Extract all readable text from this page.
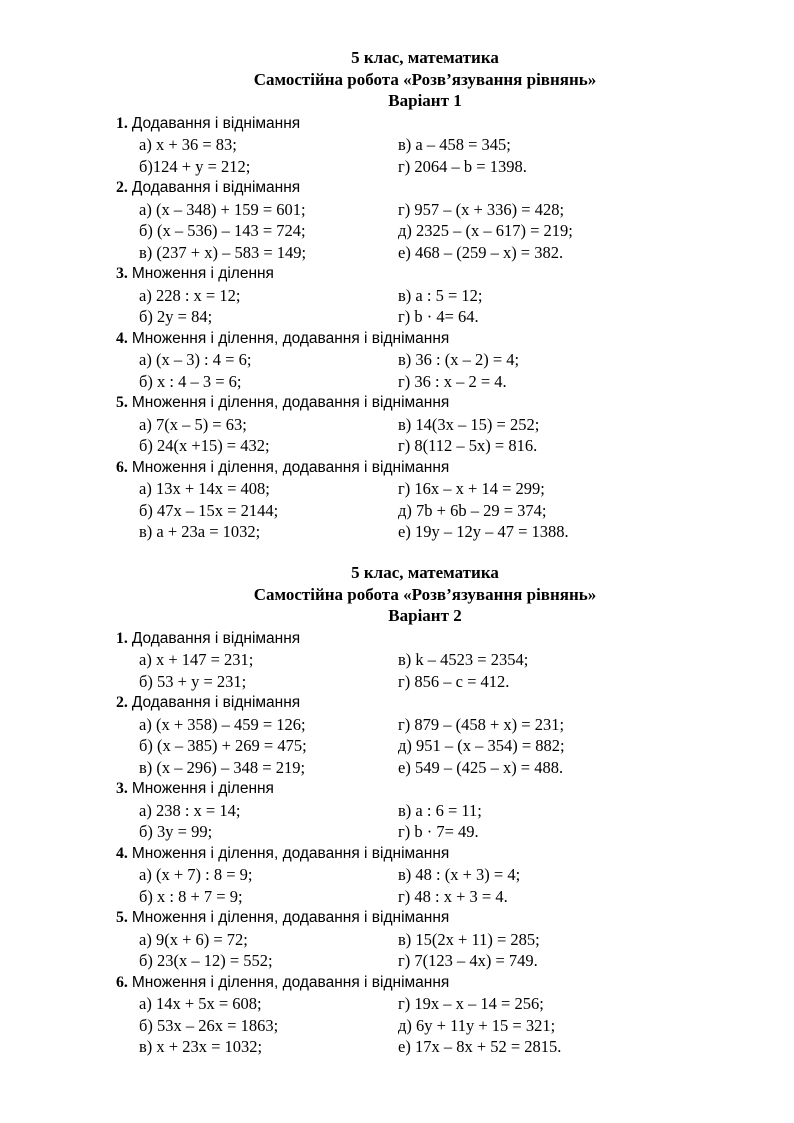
5 клас, математика
Самостійна робота «Розв’язування рівнянь»
Варіант 1
1. Додавання і віднімання
а) x + 36 = 83;	в) a – 458 = 345;
б)124 + y = 212;	г) 2064 – b = 1398.
2. Додавання і віднімання
а) (x – 348) + 159 = 601;	г) 957 – (x + 336) = 428;
б) (x – 536) – 143 = 724;	д) 2325 – (x – 617) = 219;
в) (237 + x) – 583 = 149;	е) 468 – (259 – x) = 382.
3. Множення і ділення
а) 228 : x = 12;	в) a : 5 = 12;
б) 2y = 84;	г) b · 4= 64.
4. Множення і ділення, додавання і віднімання
а) (x – 3) : 4 = 6;	в) 36 : (x – 2) = 4;
б) x : 4 – 3 = 6;	г) 36 : x – 2 = 4.
5. Множення і ділення, додавання і віднімання
а) 7(x – 5) = 63;	в) 14(3x – 15) = 252;
б) 24(x +15) = 432;	г) 8(112 – 5x) = 816.
6. Множення і ділення, додавання і віднімання
а) 13x + 14x = 408;	г) 16x – x + 14 = 299;
б) 47x – 15x = 2144;	д) 7b + 6b – 29 = 374;
в) a + 23a = 1032;	е) 19y – 12y – 47 = 1388.
5 клас, математика
Самостійна робота «Розв’язування рівнянь»
Варіант 2
1. Додавання і віднімання
а) x + 147 = 231;	в) k – 4523 = 2354;
б) 53 + y = 231;	г) 856 – c = 412.
2. Додавання і віднімання
а) (x + 358) – 459 = 126;	г) 879 – (458 + x) = 231;
б) (x – 385) + 269 = 475;	д) 951 – (x – 354) = 882;
в) (x – 296) – 348 = 219;	е) 549 – (425 – x) = 488.
3. Множення і ділення
а) 238 : x = 14;	в) a : 6 = 11;
б) 3y = 99;	г) b · 7= 49.
4. Множення і ділення, додавання і віднімання
а) (x + 7) : 8 = 9;	в) 48 : (x + 3) = 4;
б) x : 8 + 7 = 9;	г) 48 : x + 3 = 4.
5. Множення і ділення, додавання і віднімання
а) 9(x + 6) = 72;	в) 15(2x + 11) = 285;
б) 23(x – 12) = 552;	г) 7(123 – 4x) = 749.
6. Множення і ділення, додавання і віднімання
а) 14x + 5x = 608;	г) 19x – x – 14 = 256;
б) 53x – 26x = 1863;	д) 6y + 11y + 15 = 321;
в) x + 23x = 1032;	е) 17x – 8x + 52 = 2815.
